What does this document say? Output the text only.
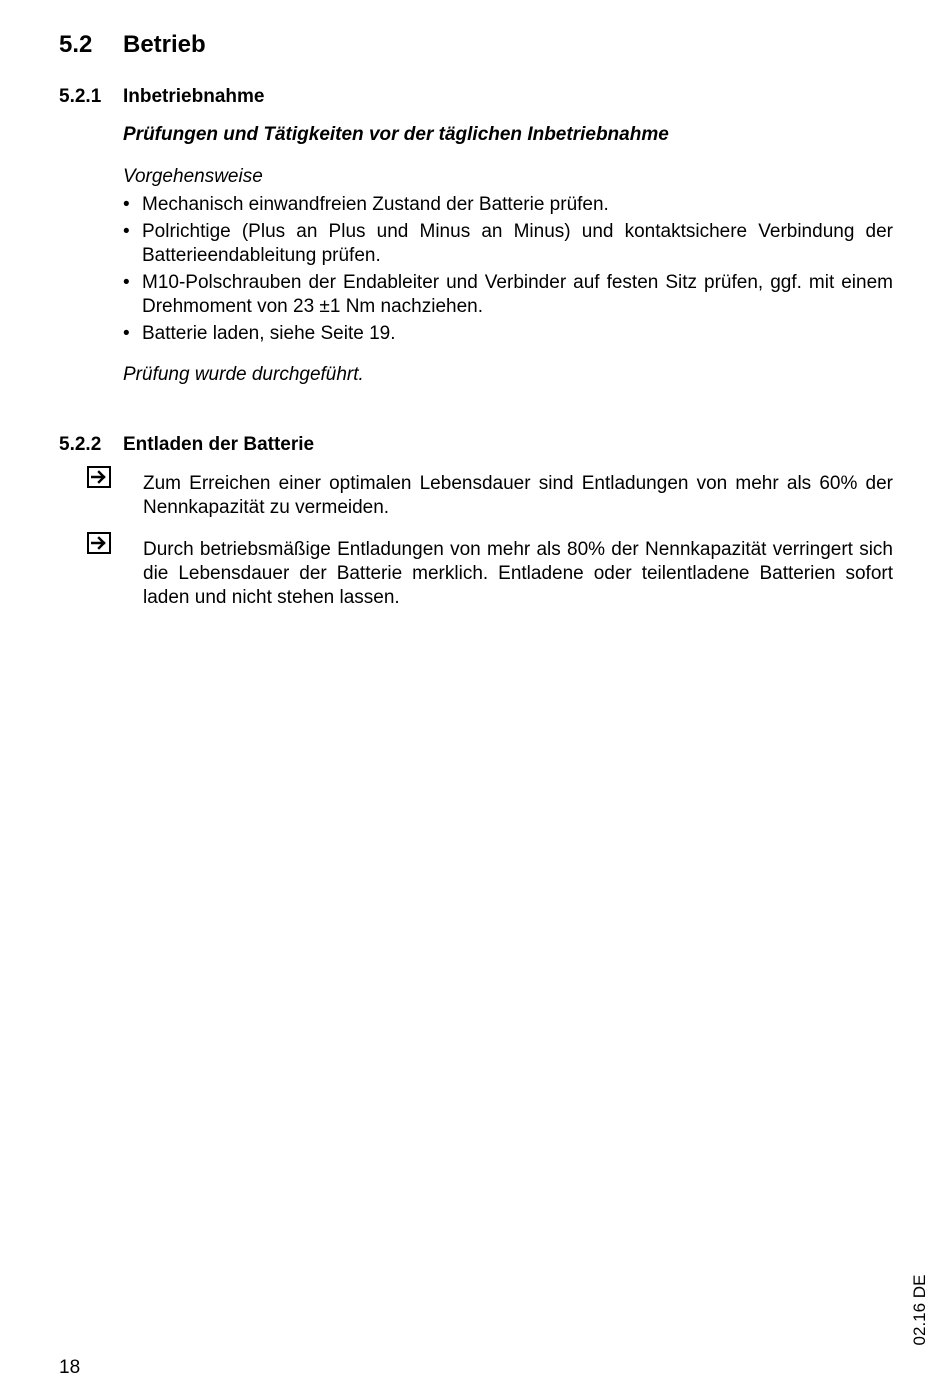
5.2 Betrieb
5.2.1 Inbetriebnahme
Prüfungen und Tätigkeiten vor der täglichen Inbetriebnahme
Vorgehensweise
• Mechanisch einwandfreien Zustand der Batterie prüfen.
• Polrichtige (Plus an Plus und Minus an Minus) und kontaktsichere Verbindung der Batterieendableitung prüfen.
• M10-Polschrauben der Endableiter und Verbinder auf festen Sitz prüfen, ggf. mit einem Drehmoment von 23 ±1 Nm nachziehen.
• Batterie laden, siehe Seite 19.
Prüfung wurde durchgeführt.
5.2.2 Entladen der Batterie
Zum Erreichen einer optimalen Lebensdauer sind Entladungen von mehr als 60% der Nennkapazität zu vermeiden.
Durch betriebsmäßige Entladungen von mehr als 80% der Nennkapazität verringert sich die Lebensdauer der Batterie merklich. Entladene oder teilentladene Batterien sofort laden und nicht stehen lassen.
02.16 DE
18
